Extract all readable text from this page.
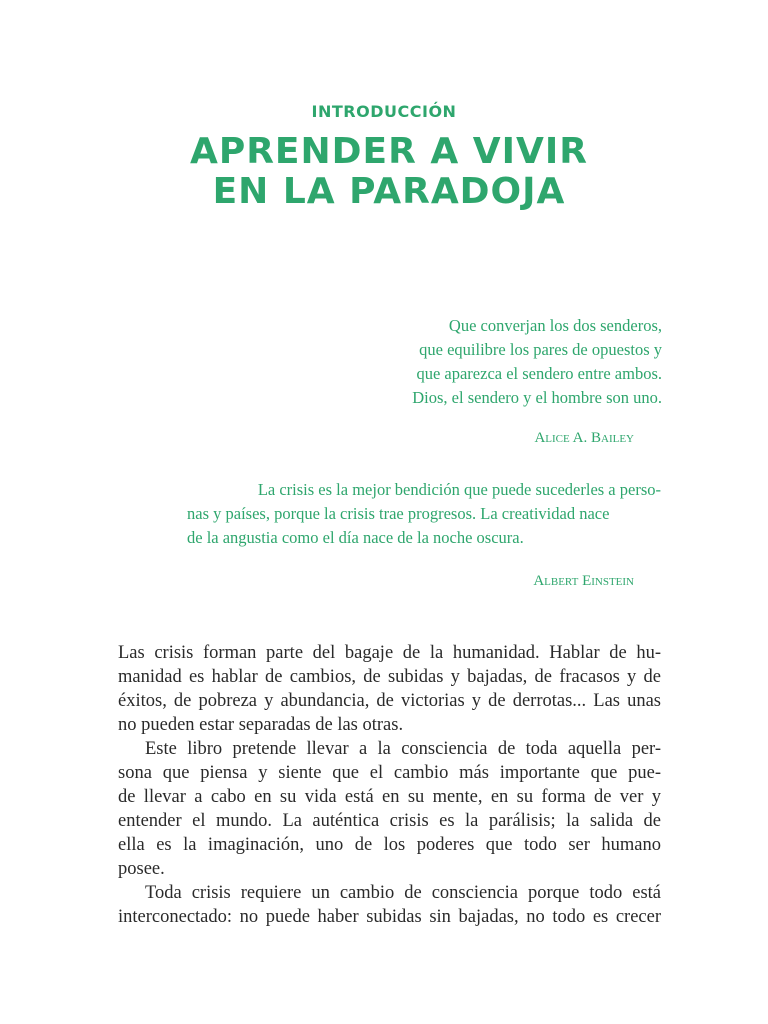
INTRODUCCIÓN
APRENDER A VIVIR
EN LA PARADOJA
Que converjan los dos senderos,
que equilibre los pares de opuestos y
que aparezca el sendero entre ambos.
Dios, el sendero y el hombre son uno.
Alice A. Bailey
La crisis es la mejor bendición que puede sucederles a perso-
nas y países, porque la crisis trae progresos. La creatividad nace
de la angustia como el día nace de la noche oscura.
Albert Einstein
Las crisis forman parte del bagaje de la humanidad. Hablar de hu-
manidad es hablar de cambios, de subidas y bajadas, de fracasos y de
éxitos, de pobreza y abundancia, de victorias y de derrotas... Las unas
no pueden estar separadas de las otras.
Este libro pretende llevar a la consciencia de toda aquella per-
sona que piensa y siente que el cambio más importante que pue-
de llevar a cabo en su vida está en su mente, en su forma de ver y
entender el mundo. La auténtica crisis es la parálisis; la salida de
ella es la imaginación, uno de los poderes que todo ser humano
posee.
Toda crisis requiere un cambio de consciencia porque todo está
interconectado: no puede haber subidas sin bajadas, no todo es crecer
